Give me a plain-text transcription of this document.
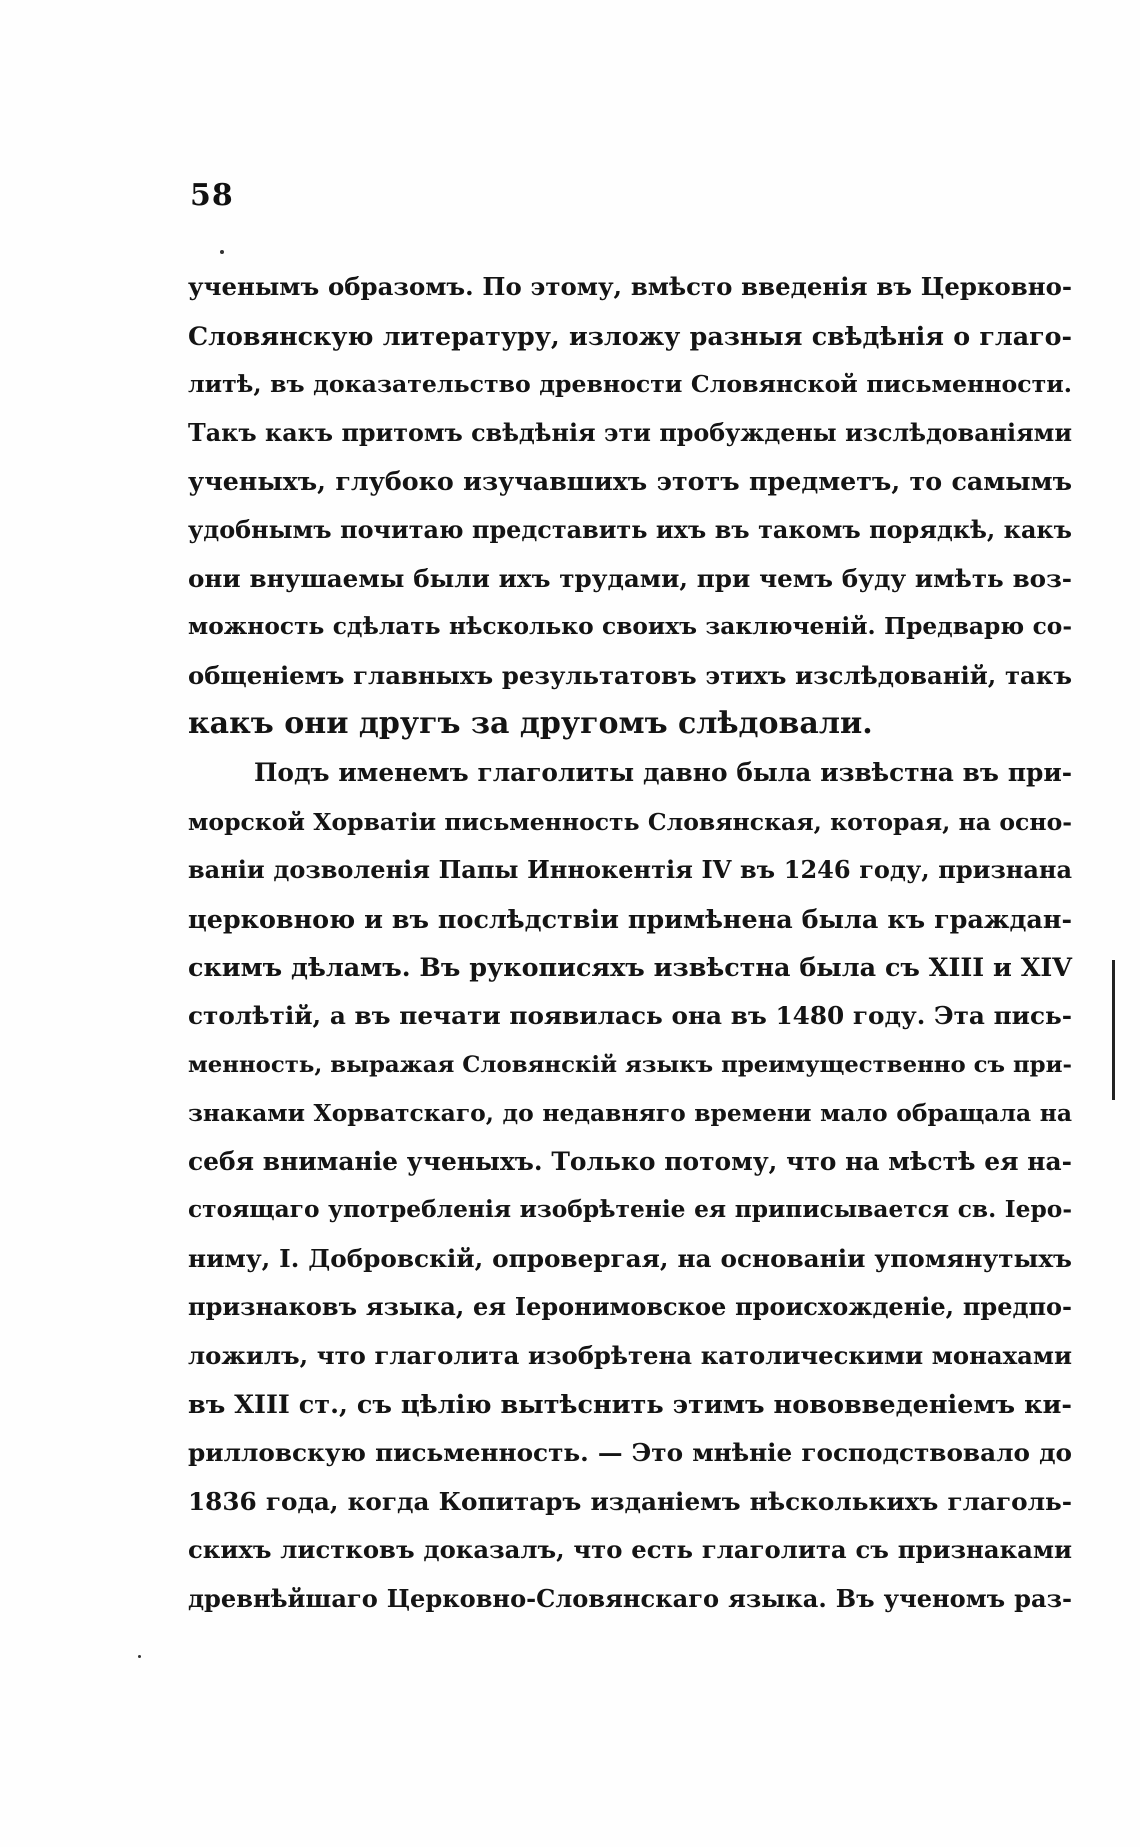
58
ученымъ образомъ. По этому, вмѣсто введенія въ Церковно-
Словянскую литературу, изложу разныя свѣдѣнія о глаго-
литѣ, въ доказательство древности Словянской письменности.
Такъ какъ притомъ свѣдѣнія эти пробуждены изслѣдованіями
ученыхъ, глубоко изучавшихъ этотъ предметъ, то самымъ
удобнымъ почитаю представить ихъ въ такомъ порядкѣ, какъ
они внушаемы были ихъ трудами, при чемъ буду имѣть воз-
можность сдѣлать нѣсколько своихъ заключеній. Предварю со-
общеніемъ главныхъ результатовъ этихъ изслѣдованій, такъ
какъ они другъ за другомъ слѣдовали.
Подъ именемъ глаголиты давно была извѣстна въ при-
морской Хорватіи письменность Словянская, которая, на осно-
ваніи дозволенія Папы Иннокентія IV въ 1246 году, признана
церковною и въ послѣдствіи примѣнена была къ граждан-
скимъ дѣламъ. Въ рукописяхъ извѣстна была съ XIII и XIV
столѣтій, а въ печати появилась она въ 1480 году. Эта пись-
менность, выражая Словянскій языкъ преимущественно съ при-
знаками Хорватскаго, до недавняго времени мало обращала на
себя вниманіе ученыхъ. Только потому, что на мѣстѣ ея на-
стоящаго употребленія изобрѣтеніе ея приписывается св. Іеро-
ниму, І. Добровскій, опровергая, на основаніи упомянутыхъ
признаковъ языка, ея Іеронимовское происхожденіе, предпо-
ложилъ, что глаголита изобрѣтена католическими монахами
въ XIII ст., съ цѣлію вытѣснить этимъ нововведеніемъ ки-
рилловскую письменность. — Это мнѣніе господствовало до
1836 года, когда Копитаръ изданіемъ нѣсколькихъ глаголь-
скихъ листковъ доказалъ, что есть глаголита съ признаками
древнѣйшаго Церковно-Словянскаго языка. Въ ученомъ раз-
